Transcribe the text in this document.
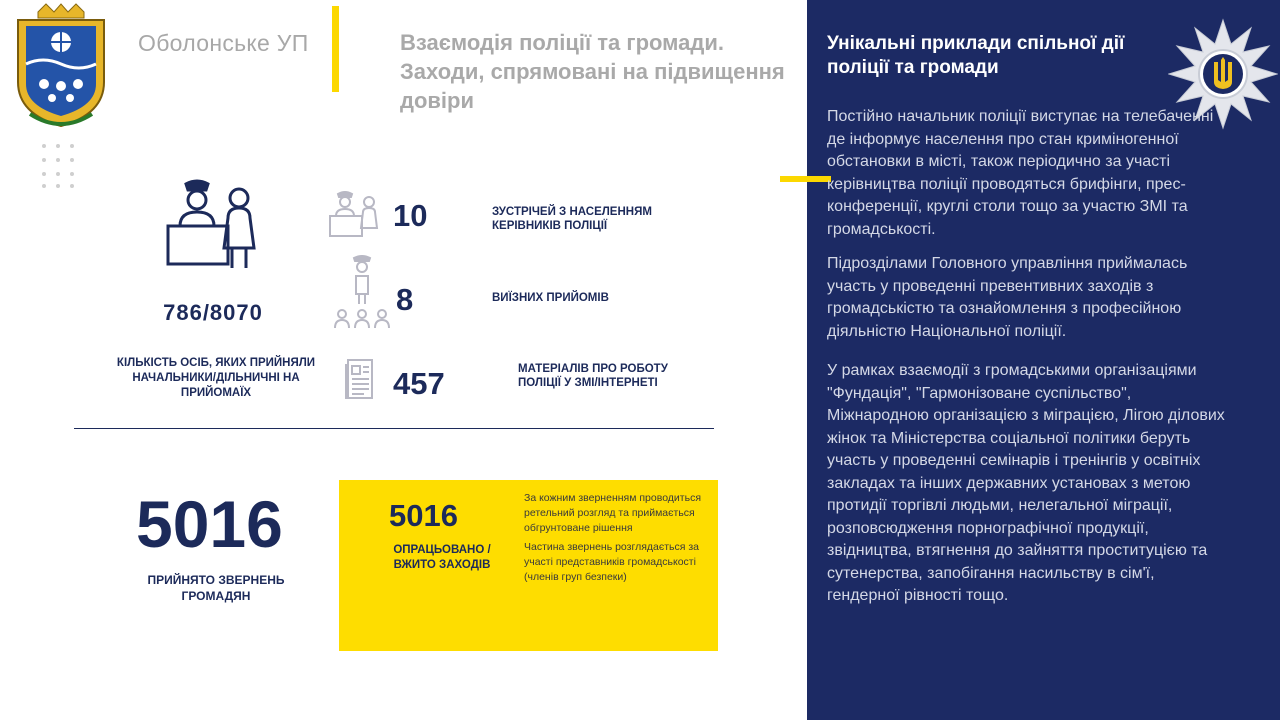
Оболонське УП	Взаємодія поліції та громади. Заходи, спрямовані на підвищення довіри
786/8070
КІЛЬКІСТЬ ОСІБ, ЯКИХ ПРИЙНЯЛИ НАЧАЛЬНИКИ/ДІЛЬНИЧНІ НА ПРИЙОМАЇХ
10	ЗУСТРІЧЕЙ З НАСЕЛЕННЯМ КЕРІВНИКІВ ПОЛІЦІЇ
8	ВИЇЗНИХ ПРИЙОМІВ
457	МАТЕРІАЛІВ ПРО РОБОТУ ПОЛІЦІЇ У ЗМІ/ІНТЕРНЕТІ
5016
ПРИЙНЯТО ЗВЕРНЕНЬ ГРОМАДЯН
5016
ОПРАЦЬОВАНО / ВЖИТО ЗАХОДІВ
За кожним зверненням проводиться ретельний розгляд та приймається обгрунтоване рішення
Частина звернень розглядається за участі представників громадськості (членів груп безпеки)
Унікальні приклади спільної дії поліції та громади
Постійно начальник поліції виступає на телебаченні де інформує населення про стан криміногенної обстановки в місті, також періодично за участі керівництва поліції проводяться брифінги, прес-конференції, круглі столи тощо за участю ЗМІ та громадськості.
Підрозділами Головного управління приймалась участь у проведенні превентивних заходів з громадськістю та ознайомлення з професійною діяльністю Національної поліції.
У рамках взаємодії з громадськими організаціями "Фундація", "Гармонізоване суспільство", Міжнародною організацією з міграцією, Лігою ділових жінок та Міністерства соціальної політики беруть участь у проведенні семінарів і тренінгів у освітніх закладах та інших державних установах з метою протидії торгівлі людьми, нелегальної міграції, розповсюдження порнографічної продукції, звідництва, втягнення до зайняття проституцією та сутенерства, запобігання насильству в сім'ї, гендерної рівності тощо.
